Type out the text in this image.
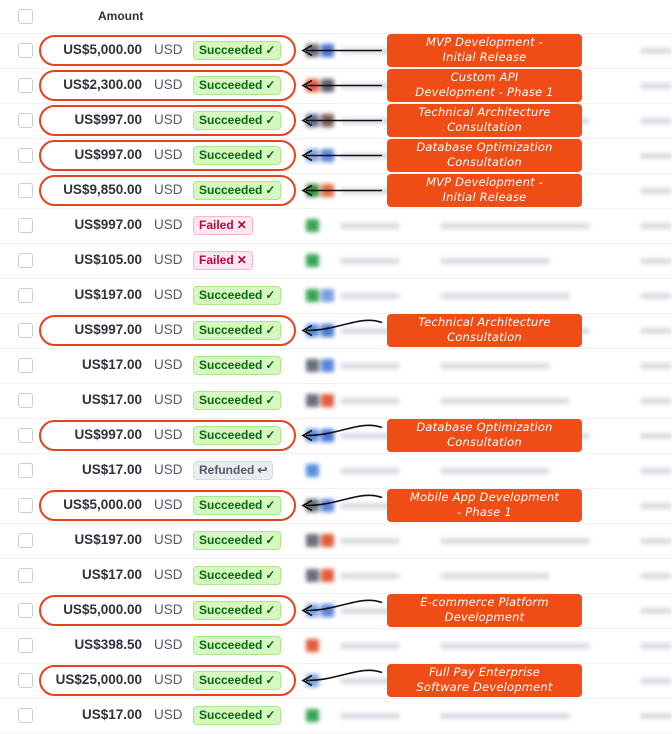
Amount
US$5,000.00 USD	Succeeded ✓
US$2,300.00 USD	Succeeded ✓
US$997.00 USD	Succeeded ✓
US$997.00 USD	Succeeded ✓
US$9,850.00 USD	Succeeded ✓
US$997.00 USD	Failed ✕
US$105.00 USD	Failed ✕
US$197.00 USD	Succeeded ✓
US$997.00 USD	Succeeded ✓
US$17.00 USD	Succeeded ✓
US$17.00 USD	Succeeded ✓
US$997.00 USD	Succeeded ✓
US$17.00 USD	Refunded ↩
US$5,000.00 USD	Succeeded ✓
US$197.00 USD	Succeeded ✓
US$17.00 USD	Succeeded ✓
US$5,000.00 USD	Succeeded ✓
US$398.50 USD	Succeeded ✓
US$25,000.00 USD	Succeeded ✓
US$17.00 USD	Succeeded ✓
MVP Development -
Initial Release
Custom API
Development - Phase 1
Technical Architecture
Consultation
Database Optimization
Consultation
MVP Development -
Initial Release
Technical Architecture
Consultation
Database Optimization
Consultation
Mobile App Development
- Phase 1
E-commerce Platform
Development
Full Pay Enterprise
Software Development
